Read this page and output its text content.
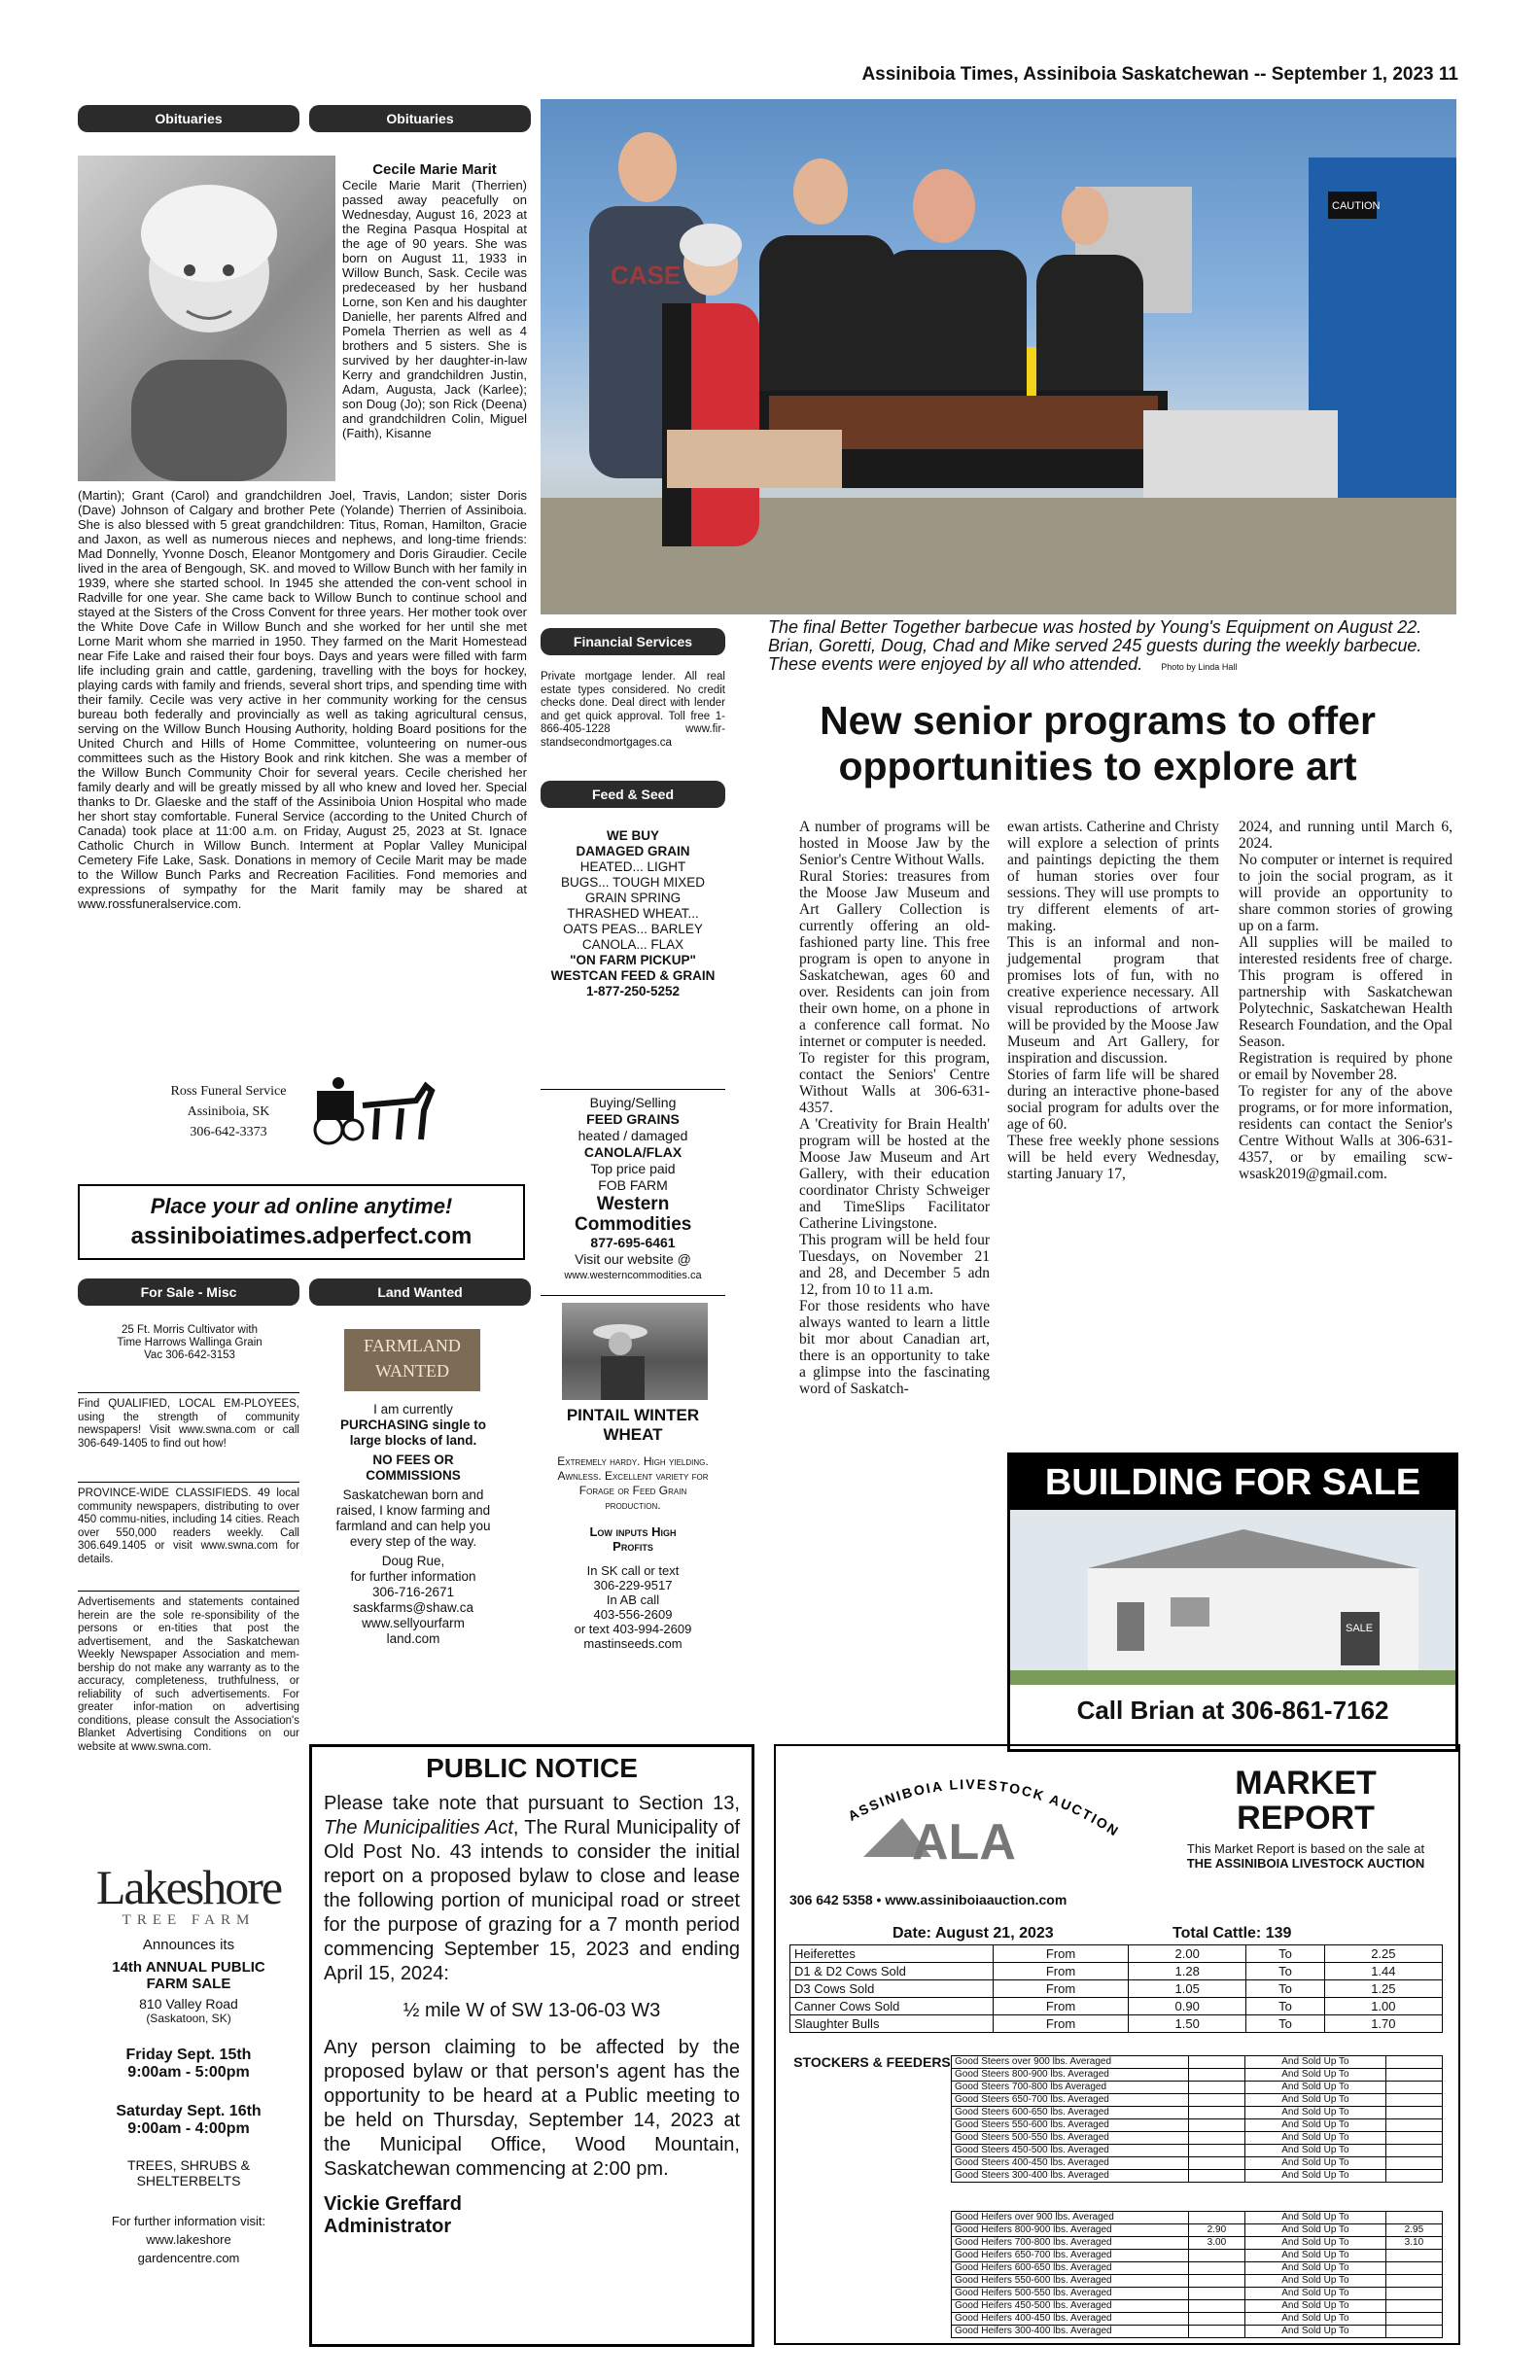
Assiniboia Times, Assiniboia Saskatchewan -- September 1, 2023 11
Obituaries	Obituaries
Cecile Marie Marit
Cecile Marie Marit (Therrien) passed away peacefully on Wednesday, August 16, 2023 at the Regina Pasqua Hospital at the age of 90 years. She was born on August 11, 1933 in Willow Bunch, Sask. Cecile was predeceased by her husband Lorne, son Ken and his daughter Danielle, her parents Alfred and Pomela Therrien as well as 4 brothers and 5 sisters. She is survived by her daughter-in-law Kerry and grandchildren Justin, Adam, Augusta, Jack (Karlee); son Doug (Jo); son Rick (Deena) and grandchildren Colin, Miguel (Faith), Kisanne
(Martin); Grant (Carol) and grandchildren Joel, Travis, Landon; sister Doris (Dave) Johnson of Calgary and brother Pete (Yolande) Therrien of Assiniboia. She is also blessed with 5 great grandchildren: Titus, Roman, Hamilton, Gracie and Jaxon, as well as numerous nieces and nephews, and long-time friends: Mad Donnelly, Yvonne Dosch, Eleanor Montgomery and Doris Giraudier. Cecile lived in the area of Bengough, SK. and moved to Willow Bunch with her family in 1939, where she started school. In 1945 she attended the con-vent school in Radville for one year. She came back to Willow Bunch to continue school and stayed at the Sisters of the Cross Convent for three years. Her mother took over the White Dove Cafe in Willow Bunch and she worked for her until she met Lorne Marit whom she married in 1950. They farmed on the Marit Homestead near Fife Lake and raised their four boys. Days and years were filled with farm life including grain and cattle, gardening, travelling with the boys for hockey, playing cards with family and friends, several short trips, and spending time with their family. Cecile was very active in her community working for the census bureau both federally and provincially as well as taking agricultural census, serving on the Willow Bunch Housing Authority, holding Board positions for the United Church and Hills of Home Committee, volunteering on numer-ous committees such as the History Book and rink kitchen. She was a member of the Willow Bunch Community Choir for several years. Cecile cherished her family dearly and will be greatly missed by all who knew and loved her. Special thanks to Dr. Glaeske and the staff of the Assiniboia Union Hospital who made her short stay comfortable. Funeral Service (according to the United Church of Canada) took place at 11:00 a.m. on Friday, August 25, 2023 at St. Ignace Catholic Church in Willow Bunch. Interment at Poplar Valley Municipal Cemetery Fife Lake, Sask. Donations in memory of Cecile Marit may be made to the Willow Bunch Parks and Recreation Facilities. Fond memories and expressions of sympathy for the Marit family may be shared at www.rossfuneralservice.com.
Ross Funeral Service
Assiniboia, SK
306-642-3373
Place your ad online anytime!
assiniboiatimes.adperfect.com
For Sale - Misc
25 Ft. Morris Cultivator with Time Harrows Wallinga Grain Vac 306-642-3153
Find QUALIFIED, LOCAL EM-PLOYEES, using the strength of community newspapers! Visit www.swna.com or call 306-649-1405 to find out how!
PROVINCE-WIDE CLASSIFIEDS. 49 local community newspapers, distributing to over 450 commu-nities, including 14 cities. Reach over 550,000 readers weekly. Call 306.649.1405 or visit www.swna.com for details.
Advertisements and statements contained herein are the sole re-sponsibility of the persons or en-tities that post the advertisement, and the Saskatchewan Weekly Newspaper Association and mem-bership do not make any warranty as to the accuracy, completeness, truthfulness, or reliability of such advertisements. For greater infor-mation on advertising conditions, please consult the Association's Blanket Advertising Conditions on our website at www.swna.com.
Lakeshore
TREE FARM
Announces its
14th ANNUAL PUBLIC FARM SALE
810 Valley Road
(Saskatoon, SK)
Friday Sept. 15th
9:00am - 5:00pm
Saturday Sept. 16th
9:00am - 4:00pm
TREES, SHRUBS & SHELTERBELTS
For further information visit:
www.lakeshore
gardencentre.com
Land Wanted
FARMLAND
WANTED
I am currently
PURCHASING single to large blocks of land.
NO FEES OR COMMISSIONS
Saskatchewan born and raised, I know farming and farmland and can help you every step of the way.
Doug Rue,
for further information
306-716-2671
saskfarms@shaw.ca
www.sellyourfarm
land.com
Financial Services
Private mortgage lender. All real estate types considered. No credit checks done. Deal direct with lender and get quick approval. Toll free 1-866-405-1228 www.fir-standsecondmortgages.ca
Feed & Seed
WE BUY
DAMAGED GRAIN
HEATED... LIGHT BUGS... TOUGH MIXED GRAIN SPRING THRASHED WHEAT... OATS PEAS... BARLEY CANOLA... FLAX
"ON FARM PICKUP" WESTCAN FEED & GRAIN
1-877-250-5252
Buying/Selling
FEED GRAINS
heated / damaged
CANOLA/FLAX
Top price paid
FOB FARM
Western Commodities
877-695-6461
Visit our website @
www.westerncommodities.ca
PINTAIL WINTER WHEAT
Extremely hardy. High yielding. Awnless. Excellent variety for Forage or Feed Grain production.
Low inputs High Profits
In SK call or text
306-229-9517
In AB call
403-556-2609
or text 403-994-2609
mastinseeds.com
CAUTION
CASE
The final Better Together barbecue was hosted by Young's Equipment on August 22. Brian, Goretti, Doug, Chad and Mike served 245 guests during the weekly barbecue. These events were enjoyed by all who attended. Photo by Linda Hall
New senior programs to offer opportunities to explore art
A number of programs will be hosted in Moose Jaw by the Senior's Centre Without Walls.
Rural Stories: treasures from the Moose Jaw Museum and Art Gallery Collection is currently offering an old-fashioned party line. This free program is open to anyone in Saskatchewan, ages 60 and over. Residents can join from their own home, on a phone in a conference call format. No internet or computer is needed.
To register for this program, contact the Seniors' Centre Without Walls at 306-631-4357.
A 'Creativity for Brain Health' program will be hosted at the Moose Jaw Museum and Art Gallery, with their education coordinator Christy Schweiger and TimeSlips Facilitator Catherine Livingstone.
This program will be held four Tuesdays, on November 21 and 28, and December 5 adn 12, from 10 to 11 a.m.
For those residents who have always wanted to learn a little bit mor about Canadian art, there is an opportunity to take a glimpse into the fascinating word of Saskatch-
ewan artists. Catherine and Christy will explore a selection of prints and paintings depicting the them of human stories over four sessions. They will use prompts to try different elements of art-making.
This is an informal and non-judgemental program that promises lots of fun, with no creative experience necessary. All visual reproductions of artwork will be provided by the Moose Jaw Museum and Art Gallery, for inspiration and discussion.
Stories of farm life will be shared during an interactive phone-based social program for adults over the age of 60.
These free weekly phone sessions will be held every Wednesday, starting January 17,
2024, and running until March 6, 2024.
No computer or internet is required to join the social program, as it will provide an opportunity to share common stories of growing up on a farm.
All supplies will be mailed to interested residents free of charge. This program is offered in partnership with Saskatchewan Polytechnic, Saskatchewan Health Research Foundation, and the Opal Season.
Registration is required by phone or email by November 28.
To register for any of the above programs, or for more information, residents can contact the Senior's Centre Without Walls at 306-631-4357, or by emailing scw-wsask2019@gmail.com.
BUILDING FOR SALE
SALE
Call Brian at 306-861-7162
PUBLIC NOTICE
Please take note that pursuant to Section 13, The Municipalities Act, The Rural Municipality of Old Post No. 43 intends to consider the initial report on a proposed bylaw to close and lease the following portion of municipal road or street for the purpose of grazing for a 7 month period commencing September 15, 2023 and ending April 15, 2024:
½ mile W of SW 13-06-03 W3
Any person claiming to be affected by the proposed bylaw or that person's agent has the opportunity to be heard at a Public meeting to be held on Thursday, September 14, 2023 at the Municipal Office, Wood Mountain, Saskatchewan commencing at 2:00 pm.
Vickie Greffard
Administrator
ASSINIBOIA LIVESTOCK AUCTION
ALA
306 642 5358 • www.assiniboiaauction.com
MARKET
REPORT
This Market Report is based on the sale at
THE ASSINIBOIA LIVESTOCK AUCTION
Date: August 21, 2023	Total Cattle: 139
Heiferettes	From	2.00	To	2.25
D1 & D2 Cows Sold	From	1.28	To	1.44
D3 Cows Sold	From	1.05	To	1.25
Canner Cows Sold	From	0.90	To	1.00
Slaughter Bulls	From	1.50	To	1.70
STOCKERS & FEEDERS Good Steers over 900 lbs. Averaged		And Sold Up To	
Good Steers 800-900 lbs. Averaged		And Sold Up To	
Good Steers 700-800 lbs Averaged		And Sold Up To	
Good Steers 650-700 lbs. Averaged		And Sold Up To	
Good Steers 600-650 lbs. Averaged		And Sold Up To	
Good Steers 550-600 lbs. Averaged		And Sold Up To	
Good Steers 500-550 lbs. Averaged		And Sold Up To	
Good Steers 450-500 lbs. Averaged		And Sold Up To	
Good Steers 400-450 lbs. Averaged		And Sold Up To	
Good Steers 300-400 lbs. Averaged		And Sold Up To	
Good Heifers over 900 lbs. Averaged		And Sold Up To	
Good Heifers 800-900 lbs. Averaged	2.90	And Sold Up To	2.95
Good Heifers 700-800 lbs. Averaged	3.00	And Sold Up To	3.10
Good Heifers 650-700 lbs. Averaged		And Sold Up To	
Good Heifers 600-650 lbs. Averaged		And Sold Up To	
Good Heifers 550-600 lbs. Averaged		And Sold Up To	
Good Heifers 500-550 lbs. Averaged		And Sold Up To	
Good Heifers 450-500 lbs. Averaged		And Sold Up To	
Good Heifers 400-450 lbs. Averaged		And Sold Up To	
Good Heifers 300-400 lbs. Averaged		And Sold Up To	
